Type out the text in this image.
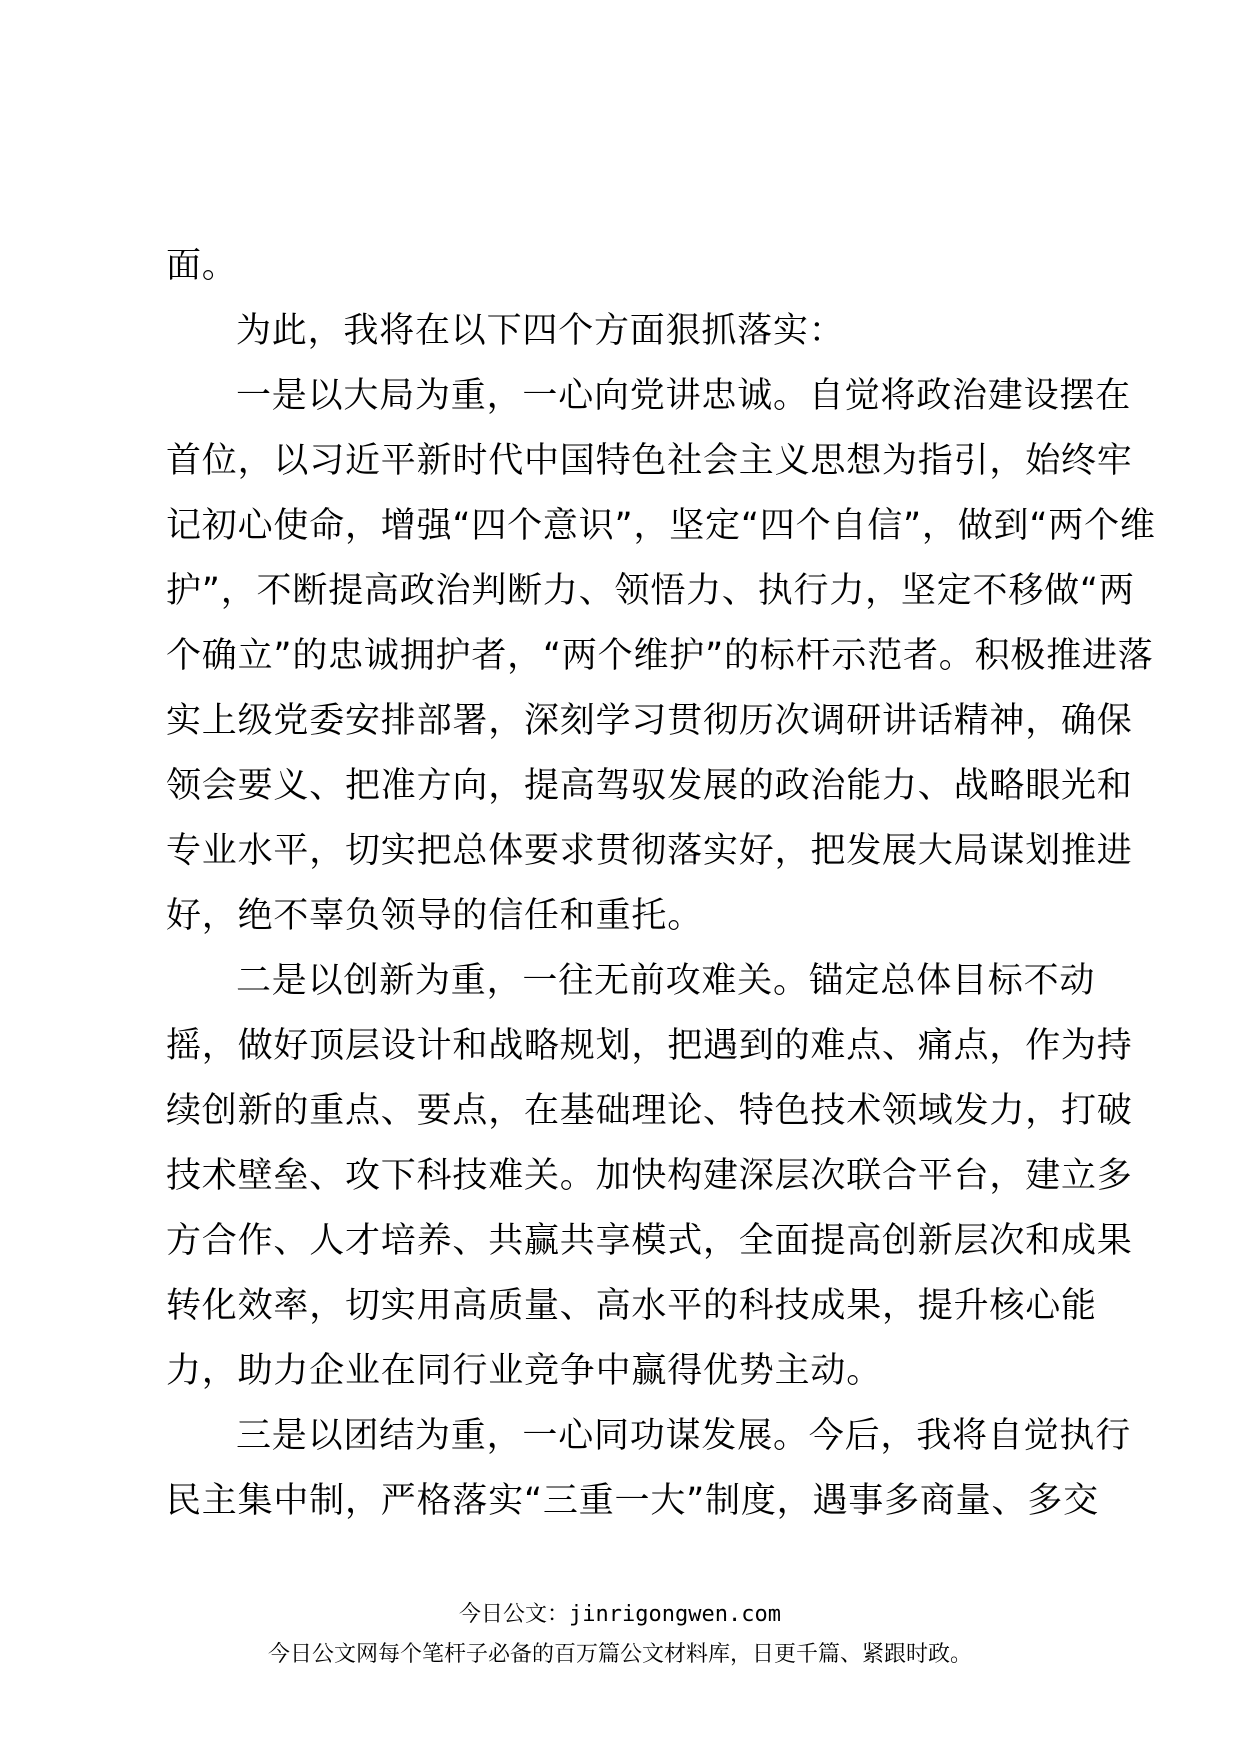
面。
为此，我将在以下四个方面狠抓落实：
一是以大局为重，一心向党讲忠诚。自觉将政治建设摆在
首位，以习近平新时代中国特色社会主义思想为指引，始终牢
记初心使命，增强“四个意识”，坚定“四个自信”，做到“两个维
护”，不断提高政治判断力、领悟力、执行力，坚定不移做“两
个确立”的忠诚拥护者，“两个维护”的标杆示范者。积极推进落
实上级党委安排部署，深刻学习贯彻历次调研讲话精神，确保
领会要义、把准方向，提高驾驭发展的政治能力、战略眼光和
专业水平，切实把总体要求贯彻落实好，把发展大局谋划推进
好，绝不辜负领导的信任和重托。
二是以创新为重，一往无前攻难关。锚定总体目标不动
摇，做好顶层设计和战略规划，把遇到的难点、痛点，作为持
续创新的重点、要点，在基础理论、特色技术领域发力，打破
技术壁垒、攻下科技难关。加快构建深层次联合平台，建立多
方合作、人才培养、共赢共享模式，全面提高创新层次和成果
转化效率，切实用高质量、高水平的科技成果，提升核心能
力，助力企业在同行业竞争中赢得优势主动。
三是以团结为重，一心同功谋发展。今后，我将自觉执行
民主集中制，严格落实“三重一大”制度，遇事多商量、多交
今日公文：jinrigongwen.com
今日公文网每个笔杆子必备的百万篇公文材料库，日更千篇、紧跟时政。
